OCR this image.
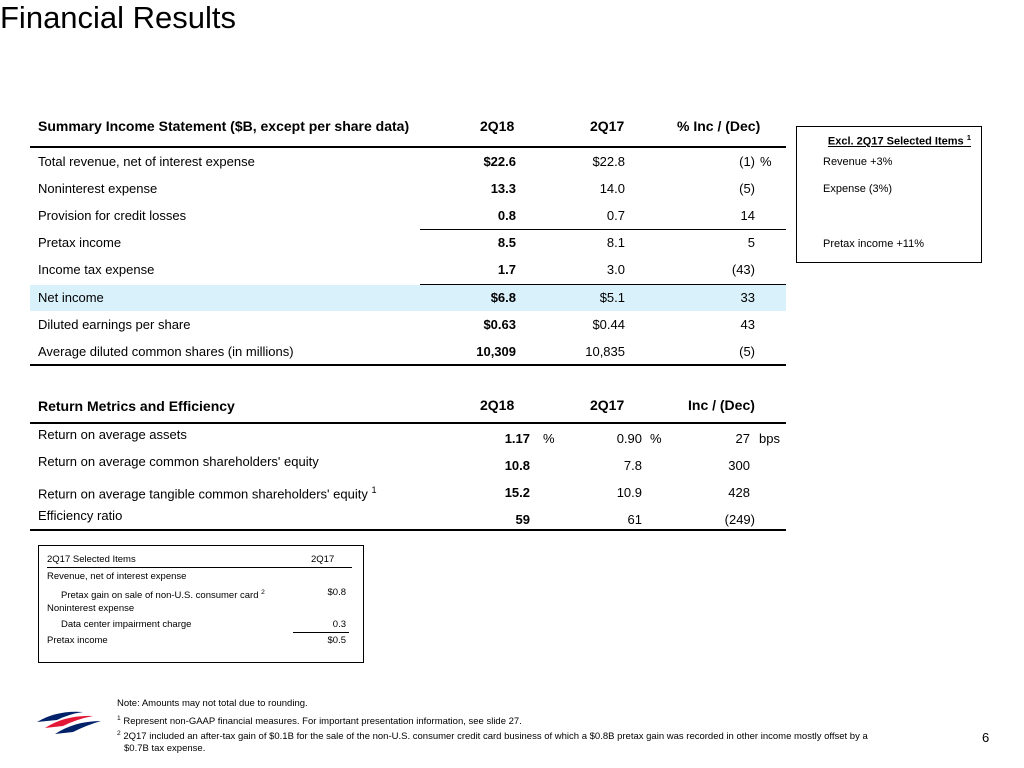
Financial Results
Summary Income Statement ($B, except per share data)	2Q18	2Q17	% Inc / (Dec)
Total revenue, net of interest expense	$22.6	$22.8	(1) %
Noninterest expense	13.3	14.0	(5)
Provision for credit losses	0.8	0.7	14
Pretax income	8.5	8.1	5
Income tax expense	1.7	3.0	(43)
Net income	$6.8	$5.1	33
Diluted earnings per share	$0.63	$0.44	43
Average diluted common shares (in millions)	10,309	10,835	(5)
Excl. 2Q17 Selected Items $^1$
Revenue +3%
Expense (3%)
Pretax income +11%
Return Metrics and Efficiency	2Q18	2Q17	Inc / (Dec)
Return on average assets	1.17 %	0.90 %	27 bps
Return on average common shareholders' equity	10.8	7.8	300
Return on average tangible common shareholders' equity $^1$	15.2	10.9	428
Efficiency ratio	59	61	(249)
2Q17 Selected Items	2Q17
Revenue, net of interest expense
Pretax gain on sale of non-U.S. consumer card $^2$	$0.8
Noninterest expense
Data center impairment charge	0.3
Pretax income	$0.5
Note: Amounts may not total due to rounding.
$^1$ Represent non-GAAP financial measures. For important presentation information, see slide 27.
$^2$ 2Q17 included an after-tax gain of $0.1B for the sale of the non-U.S. consumer credit card business of which a $0.8B pretax gain was recorded in other income mostly offset by a
$0.7B tax expense.
6
